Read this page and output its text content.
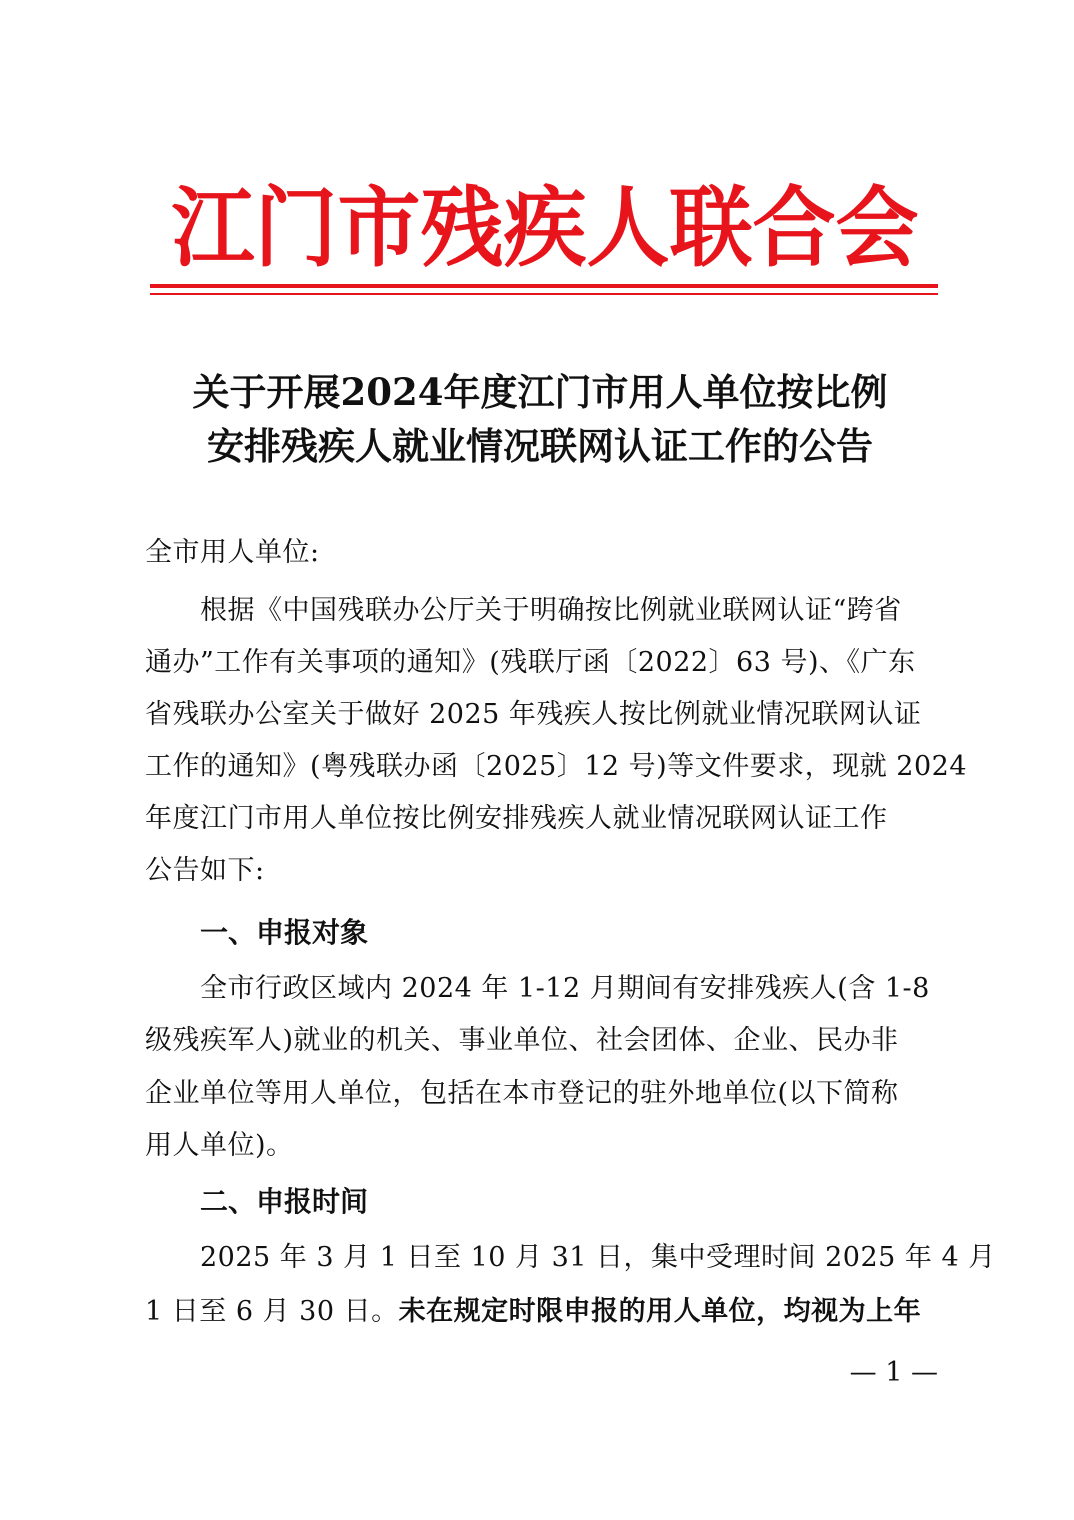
江门市残疾人联合会
关于开展2024年度江门市用人单位按比例
安排残疾人就业情况联网认证工作的公告
全市用人单位:
　　根据《中国残联办公厅关于明确按比例就业联网认证“跨省
通办”工作有关事项的通知》(残联厅函〔2022〕63 号)、《广东
省残联办公室关于做好 2025 年残疾人按比例就业情况联网认证
工作的通知》(粤残联办函〔2025〕12 号)等文件要求，现就 2024
年度江门市用人单位按比例安排残疾人就业情况联网认证工作
公告如下:
一、申报对象
　　全市行政区域内 2024 年 1-12 月期间有安排残疾人(含 1-8
级残疾军人)就业的机关、事业单位、社会团体、企业、民办非
企业单位等用人单位，包括在本市登记的驻外地单位(以下简称
用人单位)。
二、申报时间
　　2025 年 3 月 1 日至 10 月 31 日，集中受理时间 2025 年 4 月
1 日至 6 月 30 日。未在规定时限申报的用人单位，均视为上年
— 1 —
